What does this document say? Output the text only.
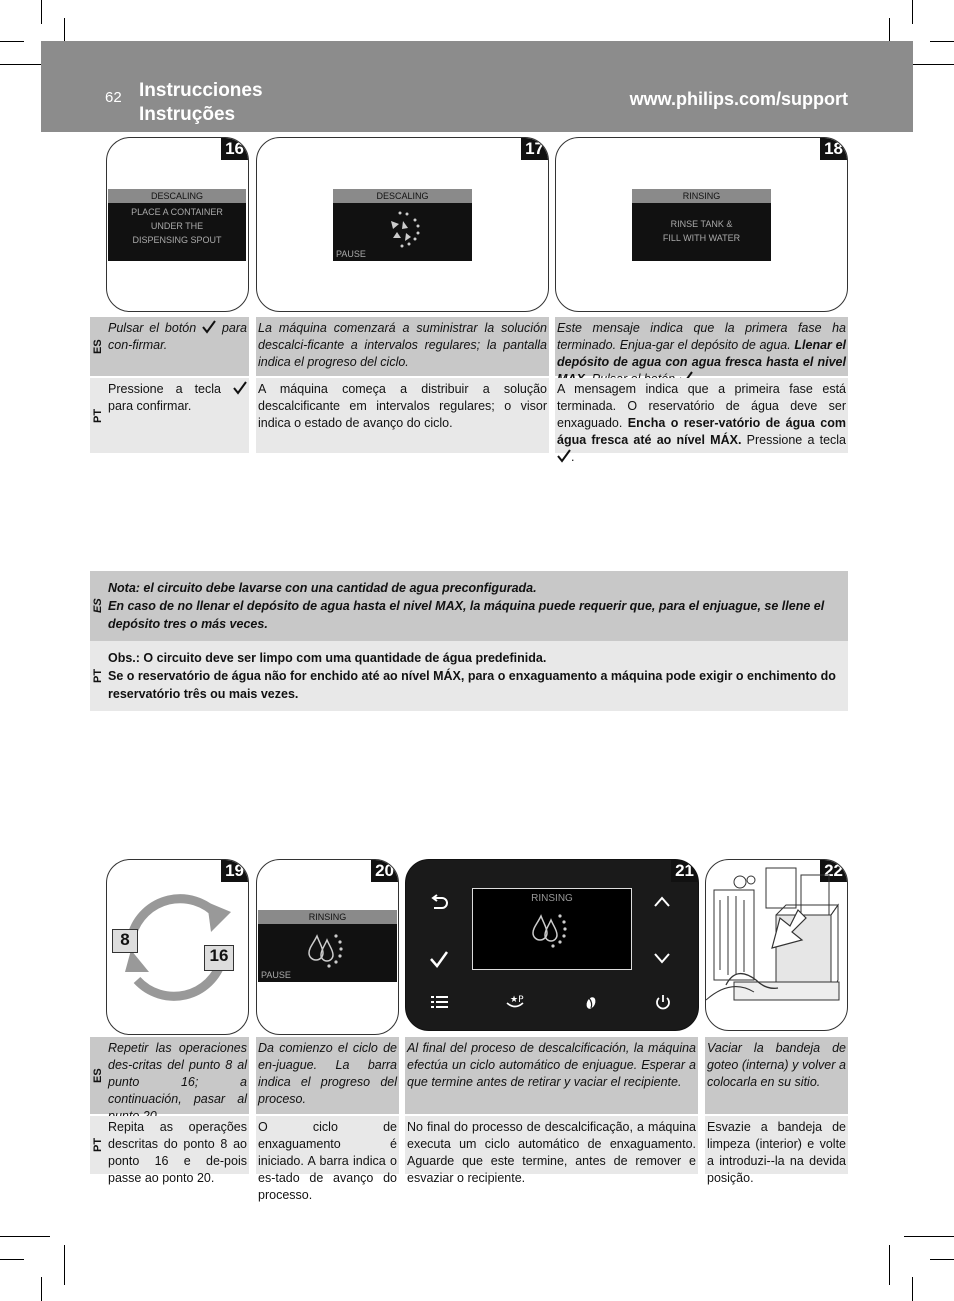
62 Instrucciones
Instruções
www.philips.com/support
16
DESCALING
PLACE A CONTAINER
UNDER THE
DISPENSING SPOUT
17
DESCALING
PAUSE
18
RINSING
RINSE TANK &
FILL WITH WATER
ES
PT
Pulsar el botón para con-firmar.
La máquina comenzará a suministrar la solución descalci-ficante a intervalos regulares; la pantalla indica el progreso del ciclo.
Este mensaje indica que la primera fase ha terminado. Enjua-gar el depósito de agua. Llenar el depósito de agua con agua fresca hasta el nivel
Pressione a tecla  para confirmar.
A máquina começa a distribuir a solução descalcificante em intervalos regulares; o visor indica o estado de avanço do ciclo.
A mensagem indica que a primeira fase está terminada. O reservatório de água deve ser enxaguado. Encha o reser-vatório de água com água fresca até ao nível MÁX. Pressione a tecla .
ES
Nota: el circuito debe lavarse con una cantidad de agua preconfigurada.
En caso de no llenar el depósito de agua hasta el nivel MAX, la máquina puede requerir que, para el enjuague, se llene el depósito tres o más veces.
PT
Obs.: O circuito deve ser limpo com uma quantidade de água predefinida.
Se o reservatório de água não for enchido até ao nível MÁX, para o enxaguamento a máquina pode exigir o enchimento do reservatório três ou mais vezes.
19
8
16
20
RINSING
PAUSE
21
RINSING
★P
22
ES
PT
Repetir las operaciones des-critas del punto 8 al punto 16; a continuación, pasar al
Da comienzo el ciclo de en-juague. La barra indica el progreso del proceso.
Al final del proceso de descalcificación, la máquina efectúa un ciclo automático de enjuague. Esperar a que termine antes de retirar y vaciar el recipiente.
Vaciar la bandeja de goteo (interna) y volver a colocarla en su sitio.
Repita as operações descritas do ponto 8 ao ponto 16 e de-pois passe ao ponto 20.
O ciclo de enxaguamento é iniciado. A barra indica o es-tado de avanço do processo.
No final do processo de descalcificação, a máquina executa um ciclo automático de enxaguamento. Aguarde que este termine, antes de remover e esvaziar o recipiente.
Esvazie a bandeja de limpeza (interior) e volte a introduzi--la na devida posição.
